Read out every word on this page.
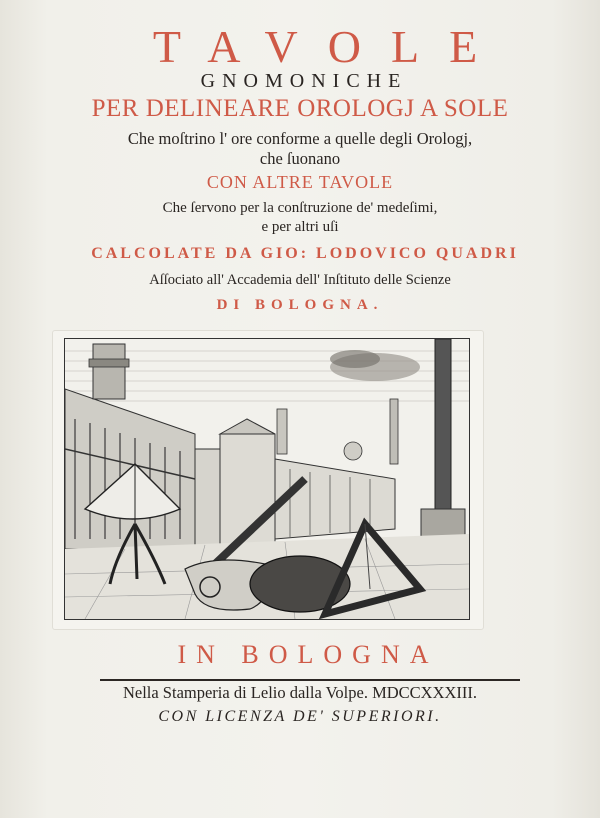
TAVOLE
GNOMONICHE
PER DELINEARE OROLOGJ A SOLE
Che moſtrino l' ore conforme a quelle degli Orologj,
che ſuonano
CON ALTRE TAVOLE
Che ſervono per la conſtruzione de' medeſimi,
e per altri uſi
CALCOLATE DA GIO: LODOVICO QUADRI
Aſſociato all' Accademia dell' Inſtituto delle Scienze
DI BOLOGNA.
IN BOLOGNA
Nella Stamperia di Lelio dalla Volpe. MDCCXXXIII.
CON LICENZA DE' SUPERIORI.
